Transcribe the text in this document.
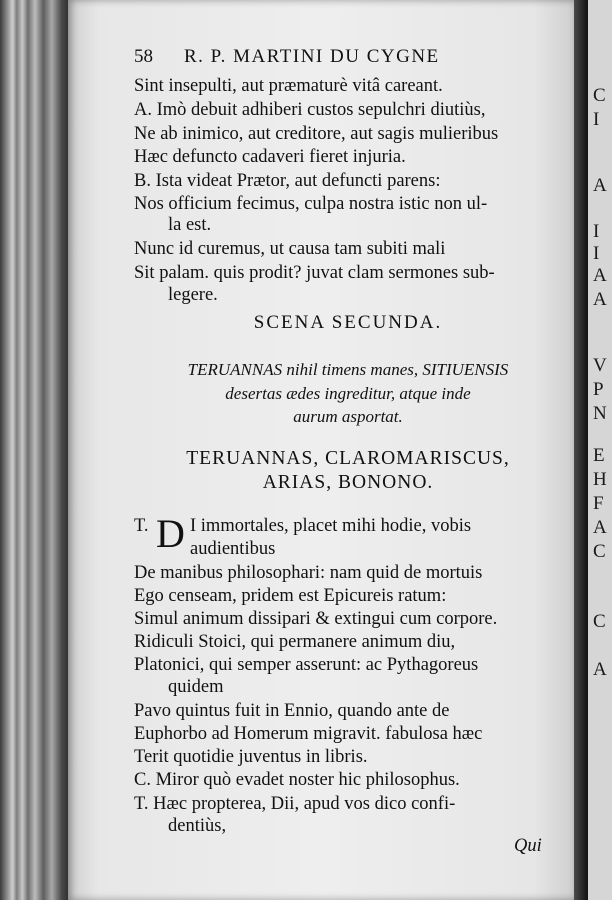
58 R. P. MARTINI DU CYGNE
Sint insepulti, aut præmaturè vitâ careant.
A. Imò debuit adhiberi custos sepulchri diutiùs,
Ne ab inimico, aut creditore, aut sagis mulieribus
Hæc defuncto cadaveri fieret injuria.
B. Ista videat Prætor, aut defuncti parens:
Nos officium fecimus, culpa nostra istic non ul-
la est.
Nunc id curemus, ut causa tam subiti mali
Sit palam. quis prodit? juvat clam sermones sub-
legere.
SCENA SECUNDA.
TERUANNAS nihil timens manes, SITIUENSIS
desertas ædes ingreditur, atque inde
aurum asportat.
TERUANNAS, CLAROMARISCUS,
ARIAS, BONONO.
T. D I immortales, placet mihi hodie, vobis
audientibus
De manibus philosophari: nam quid de mortuis
Ego censeam, pridem est Epicureis ratum:
Simul animum dissipari & extingui cum corpore.
Ridiculi Stoici, qui permanere animum diu,
Platonici, qui semper asserunt: ac Pythagoreus
quidem
Pavo quintus fuit in Ennio, quando ante de
Euphorbo ad Homerum migravit. fabulosa hæc
Terit quotidie juventus in libris.
C. Miror quò evadet noster hic philosophus.
T. Hæc propterea, Dii, apud vos dico confi-
dentiùs,
Qui
C
I
A
I
I
A
A
V
P
N
E
H
F
A
C
C
A
